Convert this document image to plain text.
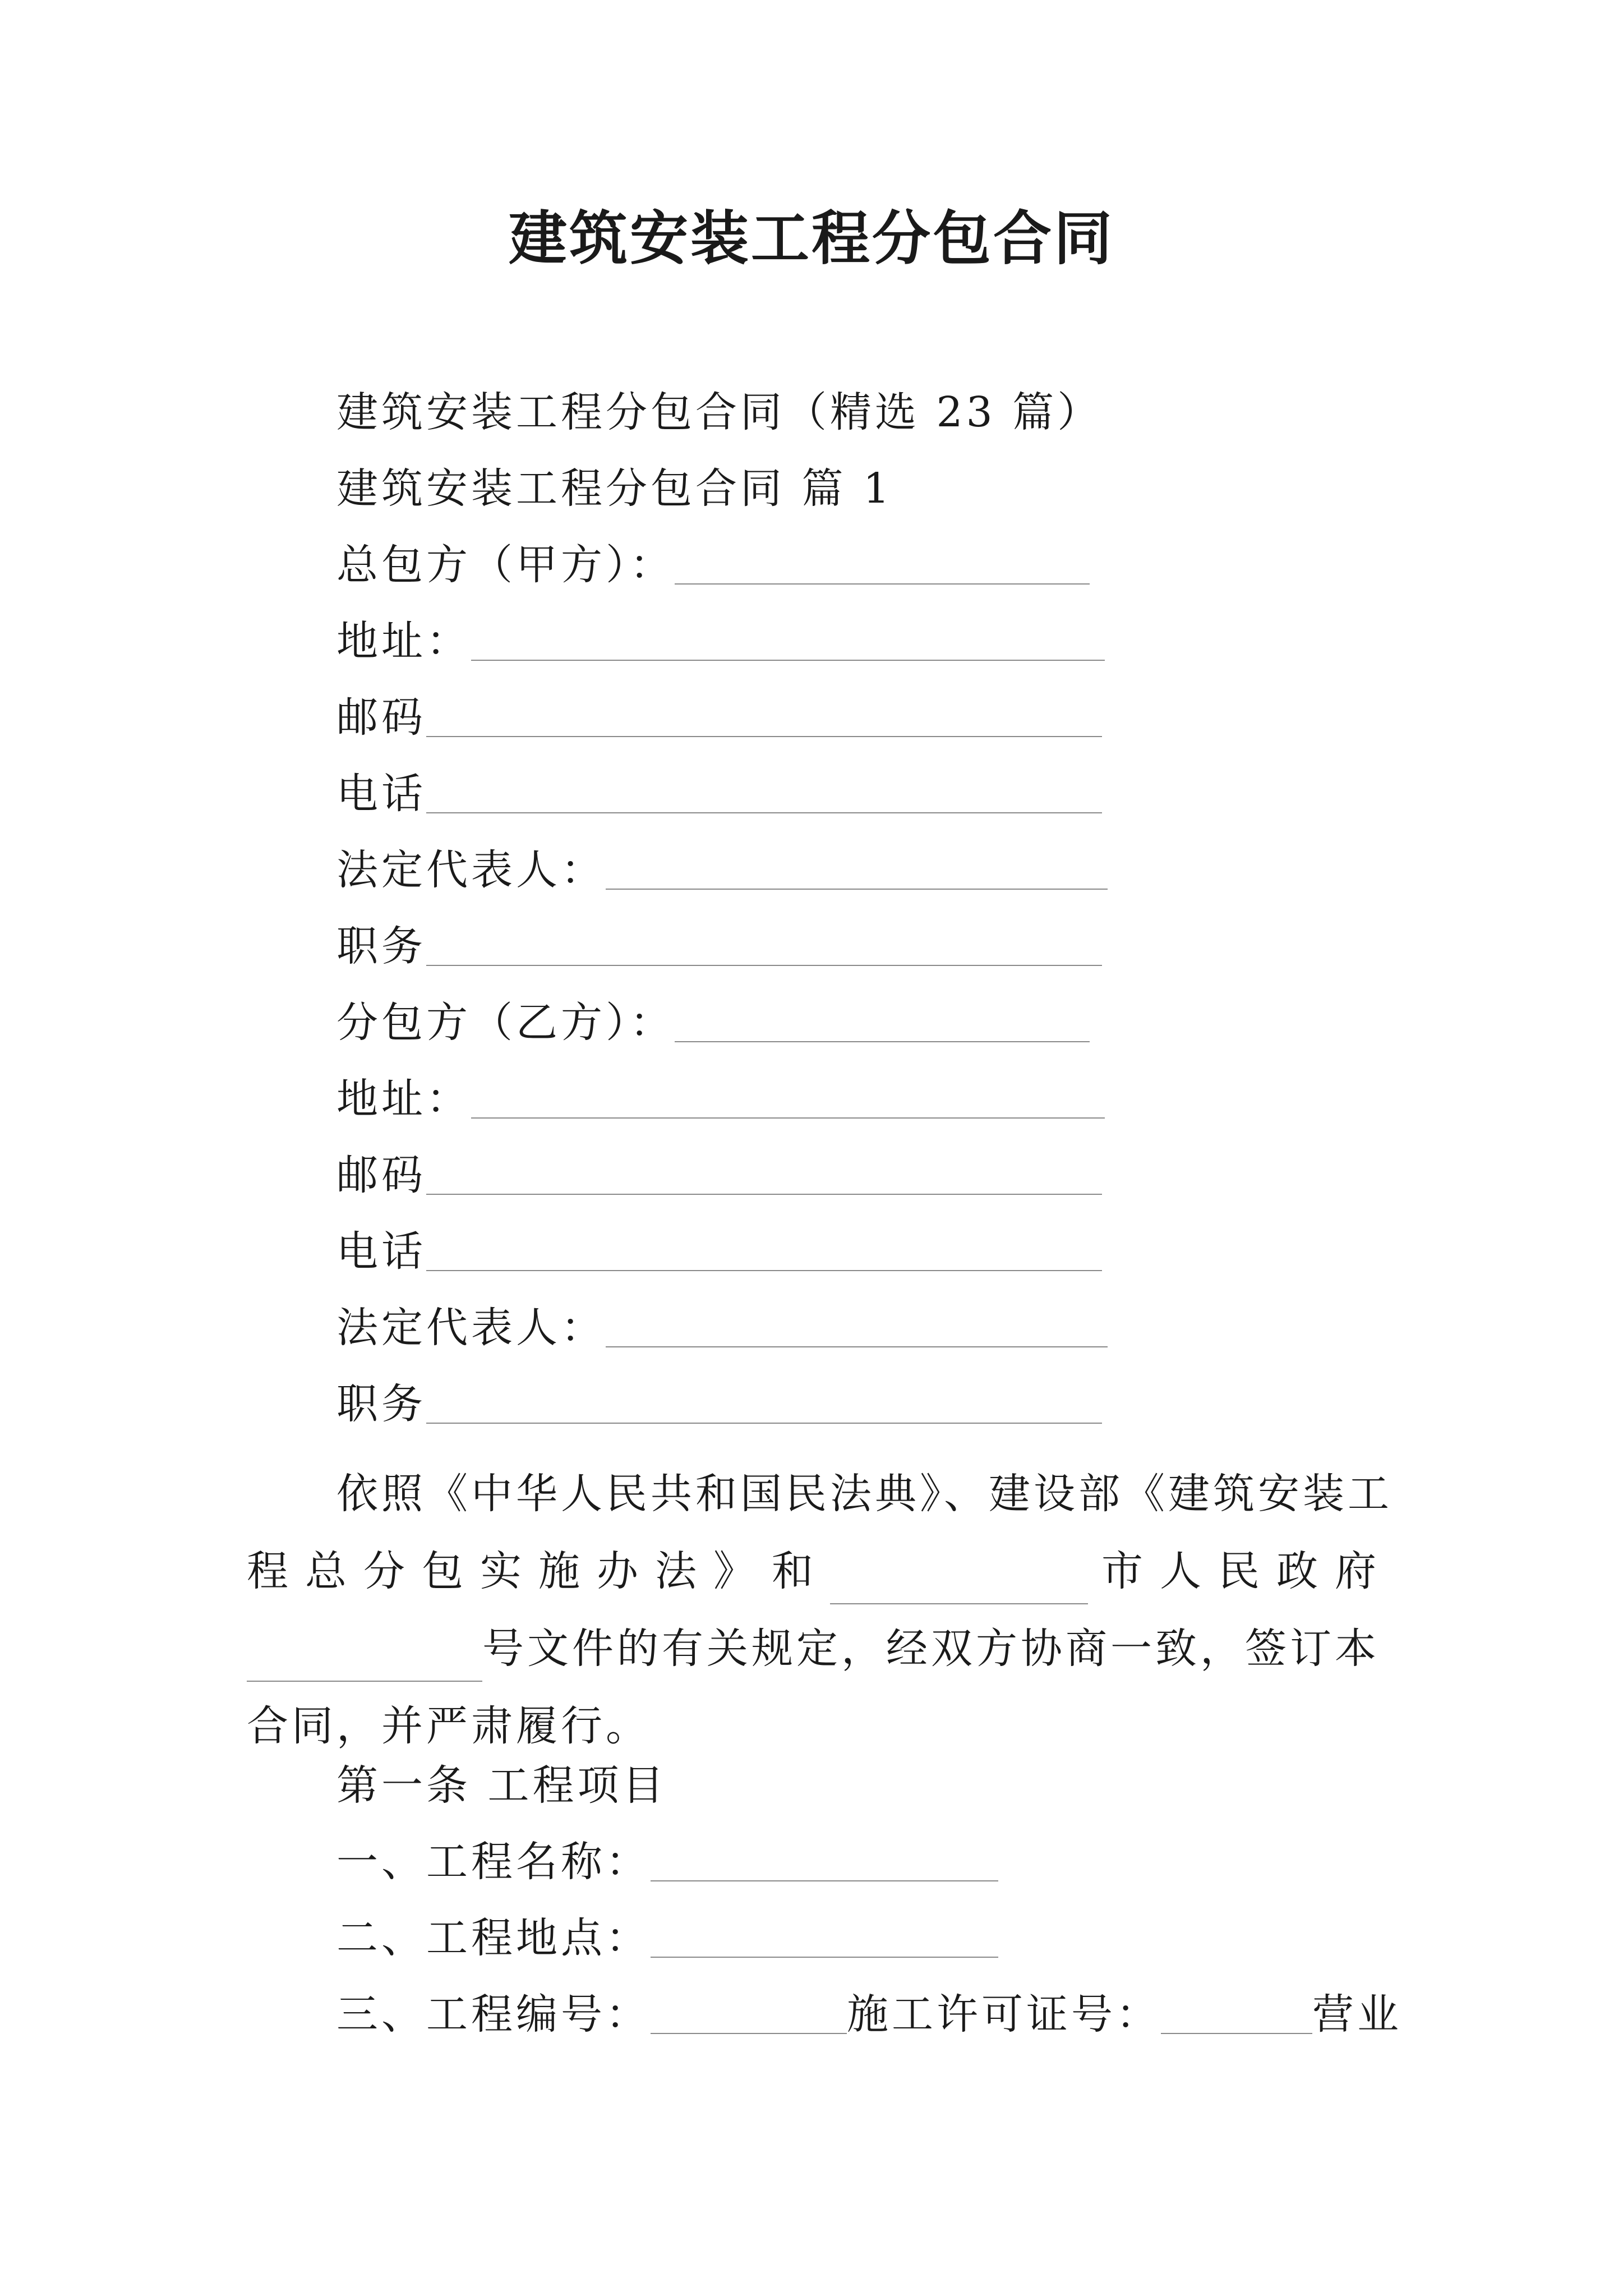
建筑安装工程分包合同
建筑安装工程分包合同（精选 23 篇）
建筑安装工程分包合同 篇 1
总包方（甲方）：
地址：
邮码
电话
法定代表人：
职务
分包方（乙方）：
地址：
邮码
电话
法定代表人：
职务
依照《中华人民共和国民法典》、建设部《建筑安装工
程 总 分 包 实 施 办 法 》 和	市 人 民 政 府
号文件的有关规定，经双方协商一致，签订本
合同，并严肃履行。
第一条 工程项目
一、工程名称：
二、工程地点：
三、工程编号：	施工许可证号：	营业
